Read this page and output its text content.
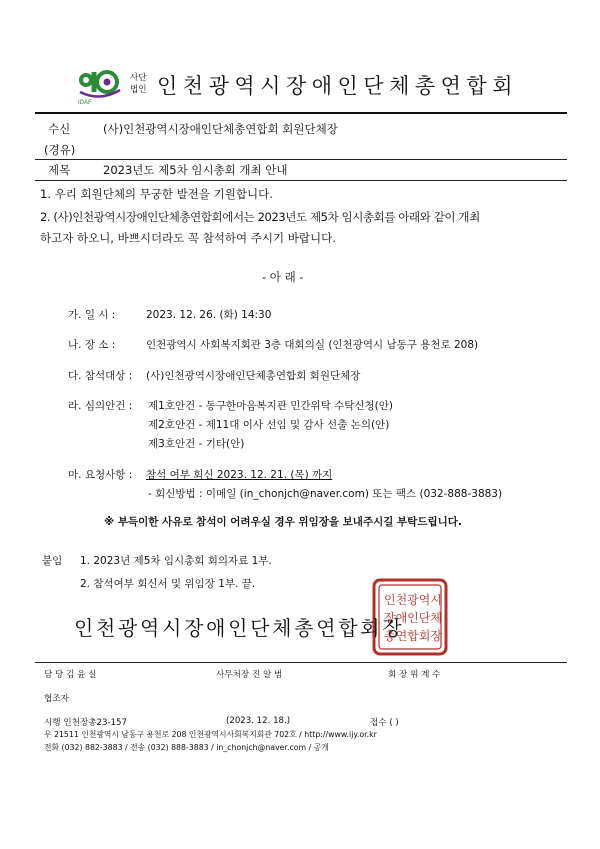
IDAF
사단
법인 인천광역시장애인단체총연합회
수신	(사)인천광역시장애인단체총연합회 회원단체장
(경유)
제목	2023년도 제5차 임시총회 개최 안내
1. 우리 회원단체의 무궁한 발전을 기원합니다.
2. (사)인천광역시장애인단체총연합회에서는 2023년도 제5차 임시총회를 아래와 같이 개최
하고자 하오니, 바쁘시더라도 꼭 참석하여 주시기 바랍니다.
- 아 래 -
가. 일 시 :	2023. 12. 26. (화) 14:30
나. 장 소 :	인천광역시 사회복지회관 3층 대회의실 (인천광역시 남동구 용천로 208)
다. 참석대상 : (사)인천광역시장애인단체총연합회 회원단체장
라. 심의안건 : 제1호안건 - 동구한마음복지관 민간위탁 수탁신청(안)
제2호안건 - 제11대 이사 선임 및 감사 선출 논의(안)
제3호안건 - 기타(안)
마. 요청사항 : 참석 여부 회신 2023. 12. 21. (목) 까지
- 회신방법 : 이메일 (in_chonjch@naver.com) 또는 팩스 (032-888-3883)
※ 부득이한 사유로 참석이 어려우실 경우 위임장을 보내주시길 부탁드립니다.
붙임 1. 2023년 제5차 임시총회 회의자료 1부.
2. 참석여부 회신서 및 위임장 1부. 끝.
인천광역시
장애인단체
총연합회장
인천광역시장애인단체총연합회장
담 당 김 윤 실	사무처장 진 알 범	회 장 위 계 수
협조자
시행 인천장총23-157	(2023. 12. 18.)	접수 ( )
우 21511 인천광역시 남동구 용천로 208 인천광역시사회복지회관 702호 / http://www.ijy.or.kr
전화 (032) 882-3883 / 전송 (032) 888-3883 / in_chonjch@naver.com / 공개
